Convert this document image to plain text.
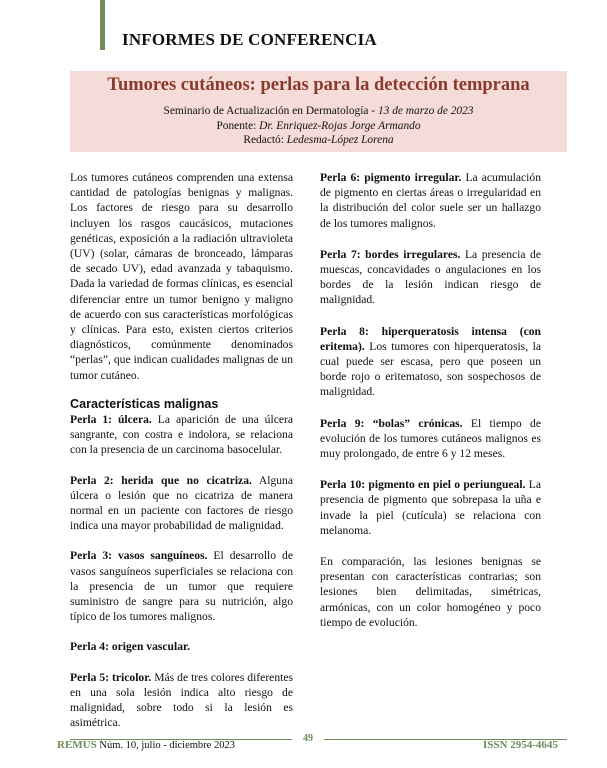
INFORMES DE CONFERENCIA
Tumores cutáneos: perlas para la detección temprana
Seminario de Actualización en Dermatología - 13 de marzo de 2023
Ponente: Dr. Enriquez-Rojas Jorge Armando
Redactó: Ledesma-López Lorena

Los tumores cutáneos comprenden una extensa cantidad de patologías benignas y malignas. Los factores de riesgo para su desarrollo incluyen los rasgos caucásicos, mutaciones genéticas, exposición a la radiación ultravioleta (UV) (solar, cámaras de bronceado, lámparas de secado UV), edad avanzada y tabaquismo. Dada la variedad de formas clínicas, es esencial diferenciar entre un tumor benigno y maligno de acuerdo con sus características morfológicas y clínicas. Para esto, existen ciertos criterios diagnósticos, comúnmente denominados “perlas”, que indican cualidades malignas de un tumor cutáneo.

Características malignas

Perla 1: úlcera. La aparición de una úlcera sangrante, con costra e indolora, se relaciona con la presencia de un carcinoma basocelular.

Perla 2: herida que no cicatriza. Alguna úlcera o lesión que no cicatriza de manera normal en un paciente con factores de riesgo indica una mayor probabilidad de malignidad.

Perla 3: vasos sanguíneos. El desarrollo de vasos sanguíneos superficiales se relaciona con la presencia de un tumor que requiere suministro de sangre para su nutrición, algo típico de los tumores malignos.

Perla 4: origen vascular.

Perla 5: tricolor. Más de tres colores diferentes en una sola lesión indica alto riesgo de malignidad, sobre todo si la lesión es asimétrica.

Perla 6: pigmento irregular. La acumulación de pigmento en ciertas áreas o irregularidad en la distribución del color suele ser un hallazgo de los tumores malignos.

Perla 7: bordes irregulares. La presencia de muescas, concavidades o angulaciones en los bordes de la lesión indican riesgo de malignidad.

Perla 8: hiperqueratosis intensa (con eritema). Los tumores con hiperqueratosis, la cual puede ser escasa, pero que poseen un borde rojo o eritematoso, son sospechosos de malignidad.

Perla 9: “bolas” crónicas. El tiempo de evolución de los tumores cutáneos malignos es muy prolongado, de entre 6 y 12 meses.

Perla 10: pigmento en piel o periungueal. La presencia de pigmento que sobrepasa la uña e invade la piel (cutícula) se relaciona con melanoma.

En comparación, las lesiones benignas se presentan con características contrarias; son lesiones bien delimitadas, simétricas, armónicas, con un color homogéneo y poco tiempo de evolución.

49
REMUS Núm. 10, julio - diciembre 2023	ISSN 2954-4645
